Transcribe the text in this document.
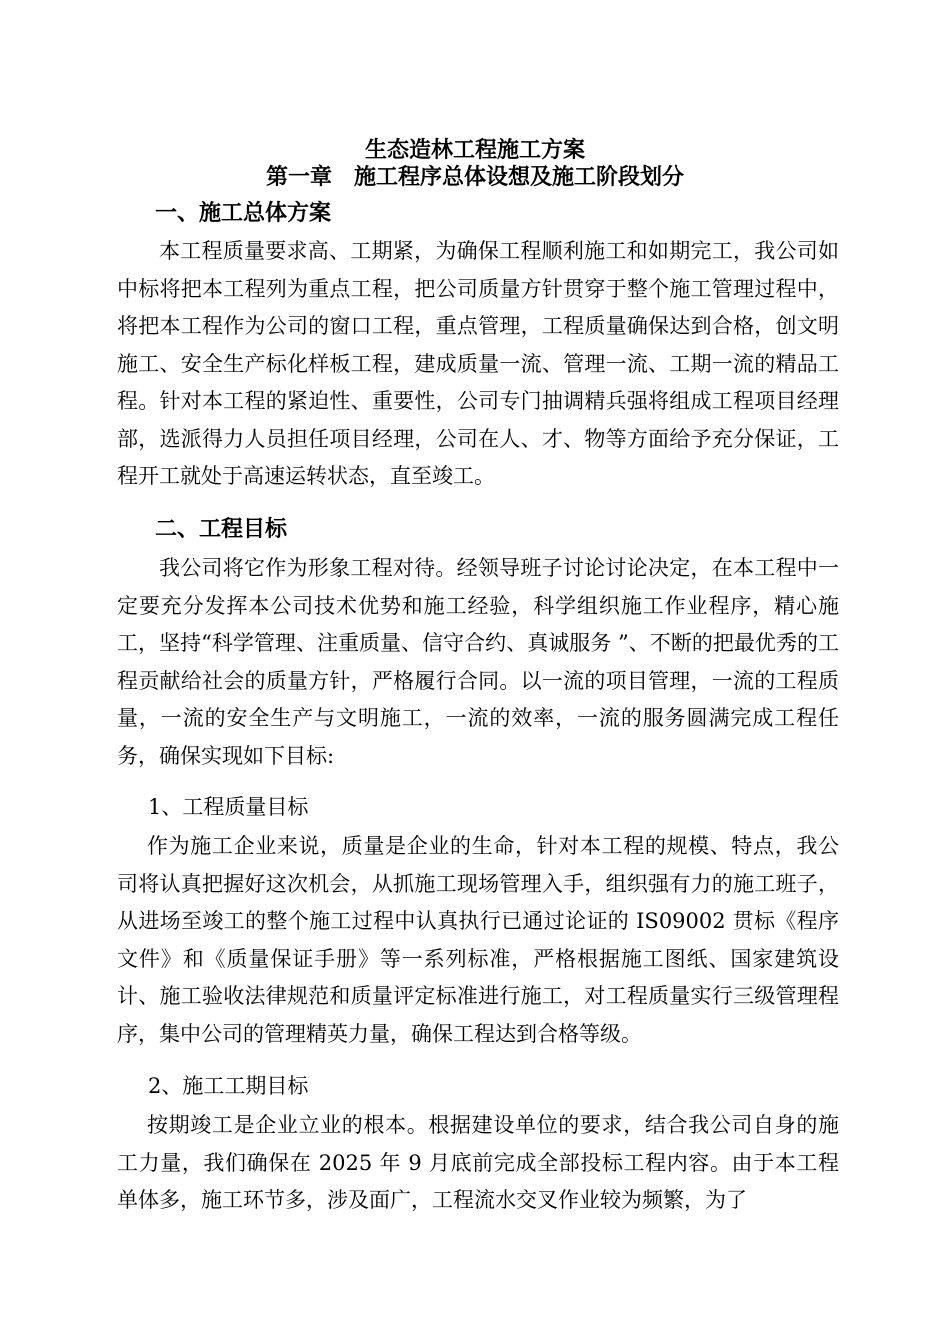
生态造林工程施工方案
第一章　施工程序总体设想及施工阶段划分
一、施工总体方案

本工程质量要求高、工期紧，为确保工程顺利施工和如期完工，我公司如中标将把本工程列为重点工程，把公司质量方针贯穿于整个施工管理过程中，将把本工程作为公司的窗口工程，重点管理，工程质量确保达到合格，创文明施工、安全生产标化样板工程，建成质量一流、管理一流、工期一流的精品工程。针对本工程的紧迫性、重要性，公司专门抽调精兵强将组成工程项目经理部，选派得力人员担任项目经理，公司在人、才、物等方面给予充分保证，工程开工就处于高速运转状态，直至竣工。

二、工程目标

我公司将它作为形象工程对待。经领导班子讨论讨论决定，在本工程中一定要充分发挥本公司技术优势和施工经验，科学组织施工作业程序，精心施工，坚持“科学管理、注重质量、信守合约、真诚服务 ”、不断的把最优秀的工程贡献给社会的质量方针，严格履行合同。以一流的项目管理，一流的工程质量，一流的安全生产与文明施工，一流的效率，一流的服务圆满完成工程任务，确保实现如下目标:

1、工程质量目标

作为施工企业来说，质量是企业的生命，针对本工程的规模、特点，我公司将认真把握好这次机会，从抓施工现场管理入手，组织强有力的施工班子，从进场至竣工的整个施工过程中认真执行已通过论证的 IS09002 贯标《程序文件》和《质量保证手册》等一系列标准，严格根据施工图纸、国家建筑设计、施工验收法律规范和质量评定标准进行施工，对工程质量实行三级管理程序，集中公司的管理精英力量，确保工程达到合格等级。

2、施工工期目标

按期竣工是企业立业的根本。根据建设单位的要求，结合我公司自身的施工力量，我们确保在 2025 年 9 月底前完成全部投标工程内容。由于本工程单体多，施工环节多，涉及面广，工程流水交叉作业较为频繁，为了
